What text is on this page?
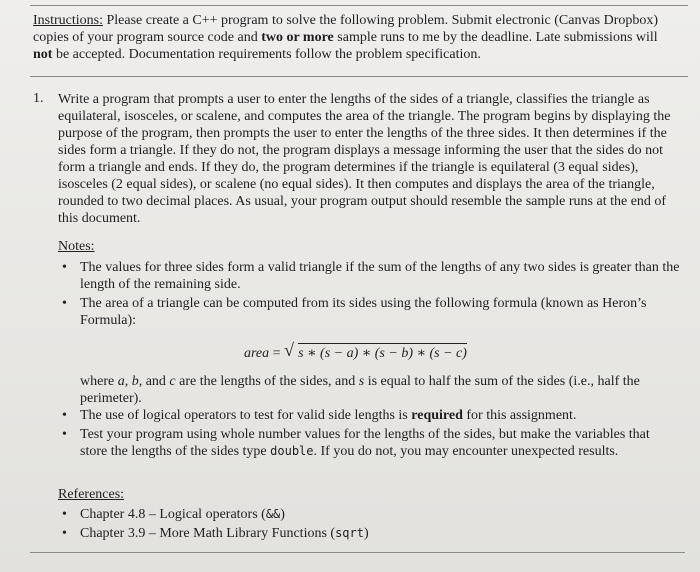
Instructions: Please create a C++ program to solve the following problem. Submit electronic (Canvas Dropbox) copies of your program source code and two or more sample runs to me by the deadline. Late submissions will not be accepted. Documentation requirements follow the problem specification.
1. Write a program that prompts a user to enter the lengths of the sides of a triangle, classifies the triangle as equilateral, isosceles, or scalene, and computes the area of the triangle. The program begins by displaying the purpose of the program, then prompts the user to enter the lengths of the three sides. It then determines if the sides form a triangle. If they do not, the program displays a message informing the user that the sides do not form a triangle and ends. If they do, the program determines if the triangle is equilateral (3 equal sides), isosceles (2 equal sides), or scalene (no equal sides). It then computes and displays the area of the triangle, rounded to two decimal places. As usual, your program output should resemble the sample runs at the end of this document.
Notes:
• The values for three sides form a valid triangle if the sum of the lengths of any two sides is greater than the length of the remaining side.
• The area of a triangle can be computed from its sides using the following formula (known as Heron’s Formula):
area = √ s ∗ (s − a) ∗ (s − b) ∗ (s − c)
where a, b, and c are the lengths of the sides, and s is equal to half the sum of the sides (i.e., half the perimeter).
• The use of logical operators to test for valid side lengths is required for this assignment.
• Test your program using whole number values for the lengths of the sides, but make the variables that store the lengths of the sides type double. If you do not, you may encounter unexpected results.
References:
• Chapter 4.8 – Logical operators (&&)
• Chapter 3.9 – More Math Library Functions (sqrt)
